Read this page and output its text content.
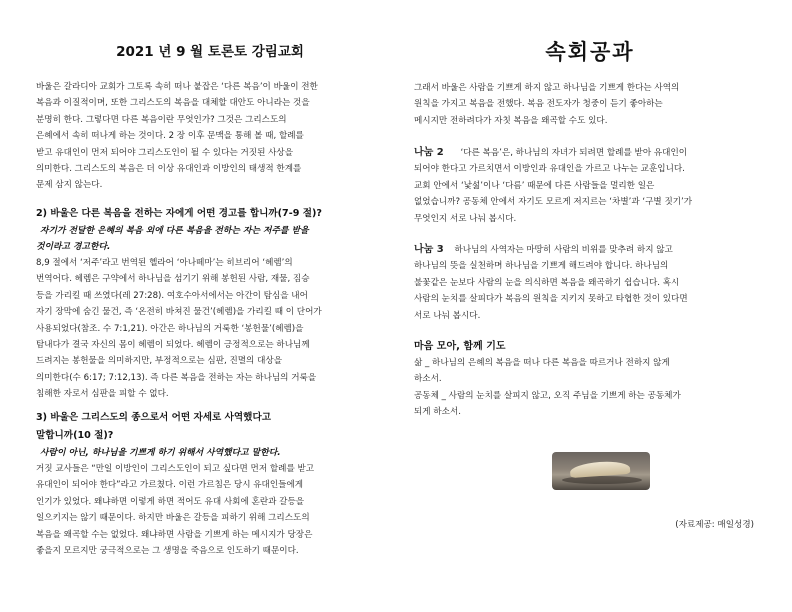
2021 년 9 월 토론토 강림교회

바울은 갈라디아 교회가 그토록 속히 떠나 붙잡은 ‘다른 복음’이 바울이 전한

복음과 이질적이며, 또한 그리스도의 복음을 대체할 대안도 아니라는 것을

분명히 한다. 그렇다면 다른 복음이란 무엇인가? 그것은 그리스도의

은혜에서 속히 떠나게 하는 것이다. 2 장 이후 문맥을 통해 볼 때, 할례를

받고 유대인이 먼저 되어야 그리스도인이 될 수 있다는 거짓된 사상을

의미한다. 그리스도의 복음은 더 이상 유대인과 이방인의 태생적 한계를

문제 삼지 않는다.

2) 바울은 다른 복음을 전하는 자에게 어떤 경고를 합니까(7-9 절)?

자기가 전달한 은혜의 복음 외에 다른 복음을 전하는 자는 저주를 받을

것이라고 경고한다.

8,9 절에서 ‘저주’라고 번역된 헬라어 ‘아나떼마’는 히브리어 ‘헤렘’의

번역어다. 헤렘은 구약에서 하나님을 섬기기 위해 봉헌된 사람, 재물, 짐승

등을 가리킬 때 쓰였다(레 27:28). 여호수아서에서는 아간이 탐심을 내어

자기 장막에 숨긴 물건, 즉 ‘온전히 바쳐진 물건’(헤렘)을 가리킬 때 이 단어가

사용되었다(참조. 수 7:1,21). 아간은 하나님의 거룩한 ‘봉헌물’(헤렘)을

탐내다가 결국 자신의 몸이 헤렘이 되었다. 헤렘이 긍정적으로는 하나님께

드려지는 봉헌물을 의미하지만, 부정적으로는 심판, 진멸의 대상을

의미한다(수 6:17; 7:12,13). 즉 다른 복음을 전하는 자는 하나님의 거룩을

침해한 자로서 심판을 피할 수 없다.

3) 바울은 그리스도의 종으로서 어떤 자세로 사역했다고

말합니까(10 절)?

사람이 아닌, 하나님을 기쁘게 하기 위해서 사역했다고 말한다.

거짓 교사들은 “만일 이방인이 그리스도인이 되고 싶다면 먼저 할례를 받고

유대인이 되어야 한다”라고 가르쳤다. 이런 가르침은 당시 유대인들에게

인기가 있었다. 왜냐하면 이렇게 하면 적어도 유대 사회에 혼란과 갈등을

일으키지는 않기 때문이다. 하지만 바울은 갈등을 피하기 위해 그리스도의

복음을 왜곡할 수는 없었다. 왜냐하면 사람을 기쁘게 하는 메시지가 당장은

좋을지 모르지만 궁극적으로는 그 생명을 죽음으로 인도하기 때문이다.

속회공과

그래서 바울은 사람을 기쁘게 하지 않고 하나님을 기쁘게 한다는 사역의

원칙을 가지고 복음을 전했다. 복음 전도자가 청중이 듣기 좋아하는

메시지만 전하려다가 자칫 복음을 왜곡할 수도 있다.

나눔 2 ‘다른 복음’은, 하나님의 자녀가 되려면 할례를 받아 유대인이

되어야 한다고 가르치면서 이방인과 유대인을 가르고 나누는 교훈입니다.

교회 안에서 ‘낯섦’이나 ‘다름’ 때문에 다른 사람들을 멀리한 일은

없었습니까? 공동체 안에서 자기도 모르게 저지르는 ‘차별’과 ‘구별 짓기’가

무엇인지 서로 나눠 봅시다.

나눔 3 하나님의 사역자는 마땅히 사람의 비위를 맞추려 하지 않고

하나님의 뜻을 실천하며 하나님을 기쁘게 해드려야 합니다. 하나님의

불꽃같은 눈보다 사람의 눈을 의식하면 복음을 왜곡하기 쉽습니다. 혹시

사람의 눈치를 살피다가 복음의 원칙을 지키지 못하고 타협한 것이 있다면

서로 나눠 봅시다.

마음 모아, 함께 기도

삶 _ 하나님의 은혜의 복음을 떠나 다른 복음을 따르거나 전하지 않게

하소서.

공동체 _ 사람의 눈치를 살피지 않고, 오직 주님을 기쁘게 하는 공동체가

되게 하소서.

(자료제공: 매일성경)
